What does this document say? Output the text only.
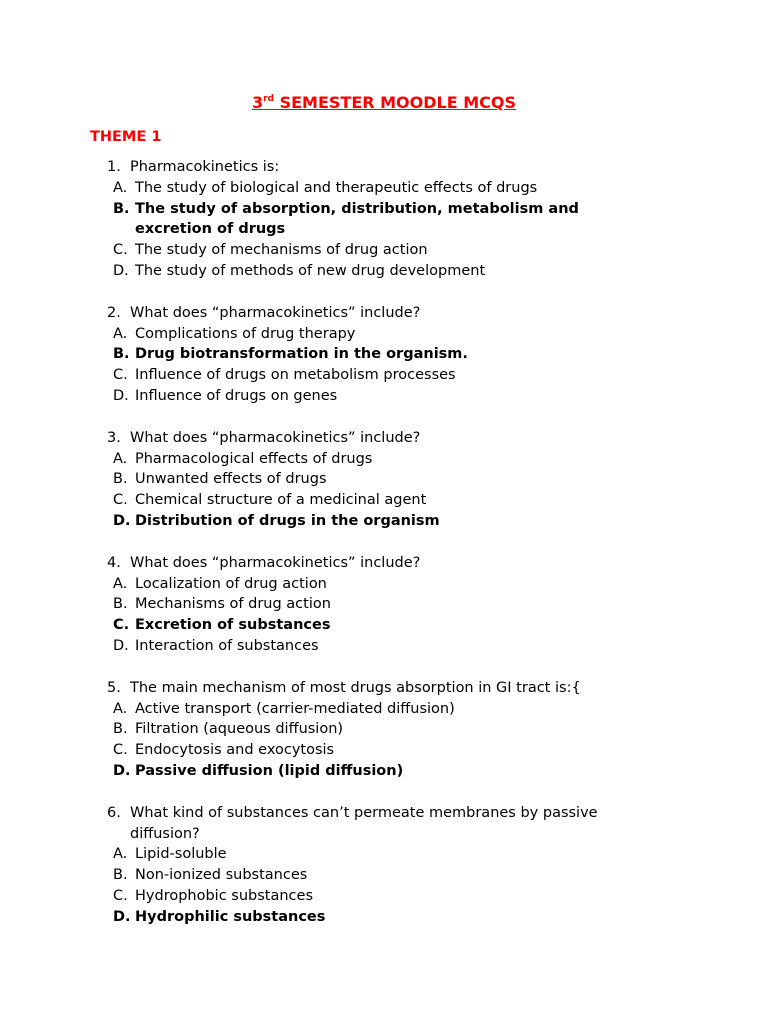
3rd SEMESTER MOODLE MCQS
THEME 1
1. Pharmacokinetics is:
A. The study of biological and therapeutic effects of drugs
B. The study of absorption, distribution, metabolism and excretion of drugs
C. The study of mechanisms of drug action
D. The study of methods of new drug development
2. What does “pharmacokinetics” include?
A. Complications of drug therapy
B. Drug biotransformation in the organism.
C. Influence of drugs on metabolism processes
D. Influence of drugs on genes
3. What does “pharmacokinetics” include?
A. Pharmacological effects of drugs
B. Unwanted effects of drugs
C. Chemical structure of a medicinal agent
D. Distribution of drugs in the organism
4. What does “pharmacokinetics” include?
A. Localization of drug action
B. Mechanisms of drug action
C. Excretion of substances
D. Interaction of substances
5. The main mechanism of most drugs absorption in GI tract is:{
A. Active transport (carrier-mediated diffusion)
B. Filtration (aqueous diffusion)
C. Endocytosis and exocytosis
D. Passive diffusion (lipid diffusion)
6. What kind of substances can’t permeate membranes by passive diffusion?
A. Lipid-soluble
B. Non-ionized substances
C. Hydrophobic substances
D. Hydrophilic substances
